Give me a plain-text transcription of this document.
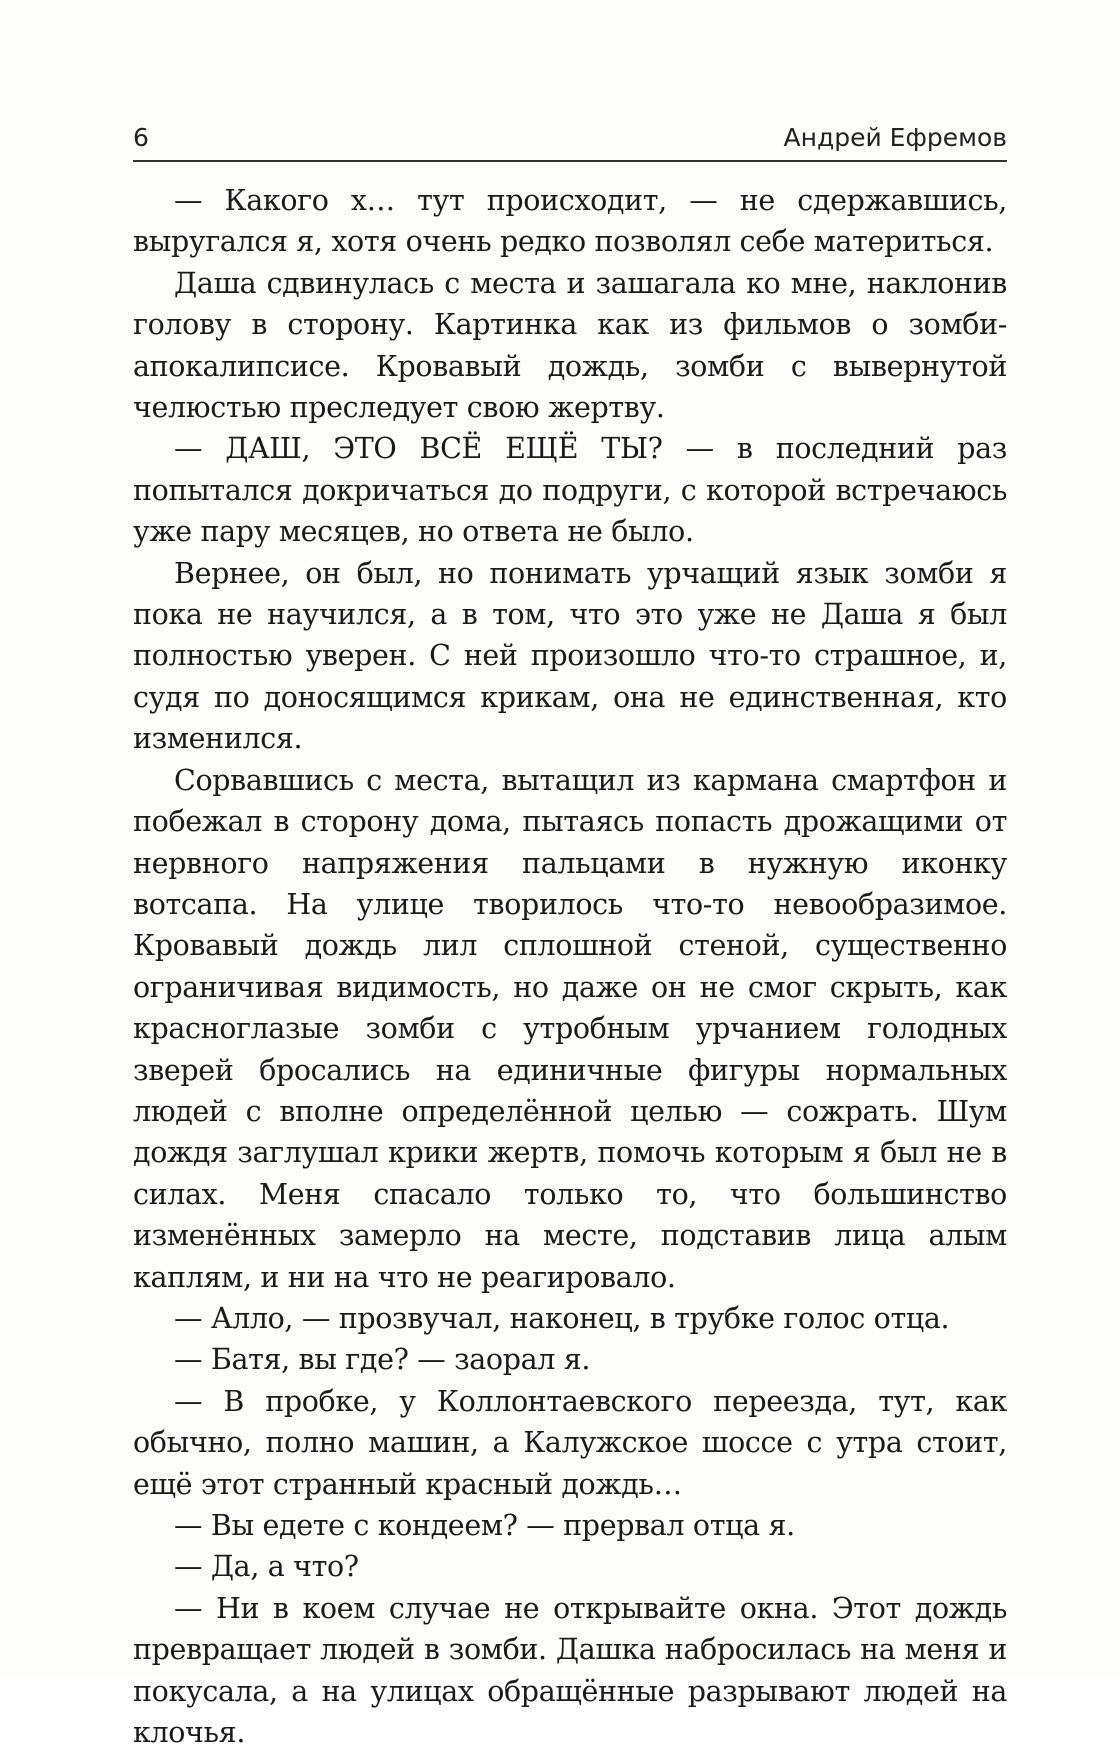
6	Андрей Ефремов

— Какого х… тут происходит, — не сдержавшись, выругался я, хотя очень редко позволял себе материться.

Даша сдвинулась с места и зашагала ко мне, наклонив голову в сторону. Картинка как из фильмов о зомби-апокалипсисе. Кровавый дождь, зомби с вывернутой челюстью преследует свою жертву.

— ДАШ, ЭТО ВСЁ ЕЩЁ ТЫ? — в последний раз попытался докричаться до подруги, с которой встречаюсь уже пару месяцев, но ответа не было.

Вернее, он был, но понимать урчащий язык зомби я пока не научился, а в том, что это уже не Даша я был полностью уверен. С ней произошло что-то страшное, и, судя по доносящимся крикам, она не единственная, кто изменился.

Сорвавшись с места, вытащил из кармана смартфон и побежал в сторону дома, пытаясь попасть дрожащими от нервного напряжения пальцами в нужную иконку вотсапа. На улице творилось что-то невообразимое. Кровавый дождь лил сплошной стеной, существенно ограничивая видимость, но даже он не смог скрыть, как красноглазые зомби с утробным урчанием голодных зверей бросались на единичные фигуры нормальных людей с вполне определённой целью — сожрать. Шум дождя заглушал крики жертв, помочь которым я был не в силах. Меня спасало только то, что большинство изменённых замерло на месте, подставив лица алым каплям, и ни на что не реагировало.

— Алло, — прозвучал, наконец, в трубке голос отца.

— Батя, вы где? — заорал я.

— В пробке, у Коллонтаевского переезда, тут, как обычно, полно машин, а Калужское шоссе с утра стоит, ещё этот странный красный дождь…

— Вы едете с кондеем? — прервал отца я.

— Да, а что?

— Ни в коем случае не открывайте окна. Этот дождь превращает людей в зомби. Дашка набросилась на меня и покусала, а на улицах обращённые разрывают людей на клочья.
